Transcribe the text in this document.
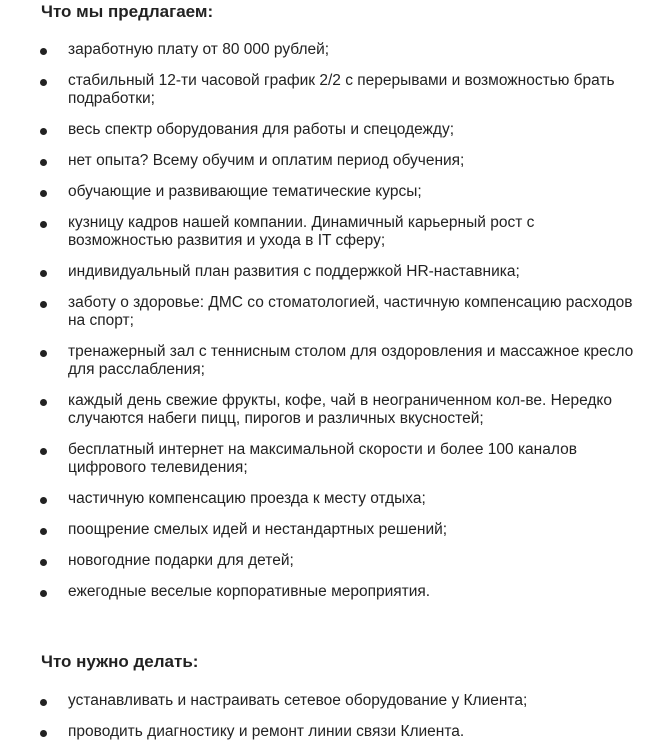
Что мы предлагаем:
заработную плату от 80 000 рублей;
стабильный 12-ти часовой график 2/2 с перерывами и возможностью брать подработки;
весь спектр оборудования для работы и спецодежду;
нет опыта? Всему обучим и оплатим период обучения;
обучающие и развивающие тематические курсы;
кузницу кадров нашей компании. Динамичный карьерный рост с возможностью развития и ухода в IT сферу;
индивидуальный план развития с поддержкой HR-наставника;
заботу о здоровье: ДМС со стоматологией, частичную компенсацию расходов на спорт;
тренажерный зал с теннисным столом для оздоровления и массажное кресло для расслабления;
каждый день свежие фрукты, кофе, чай в неограниченном кол-ве. Нередко случаются набеги пицц, пирогов и различных вкусностей;
бесплатный интернет на максимальной скорости и более 100 каналов цифрового телевидения;
частичную компенсацию проезда к месту отдыха;
поощрение смелых идей и нестандартных решений;
новогодние подарки для детей;
ежегодные веселые корпоративные мероприятия.
Что нужно делать:
устанавливать и настраивать сетевое оборудование у Клиента;
проводить диагностику и ремонт линии связи Клиента.
